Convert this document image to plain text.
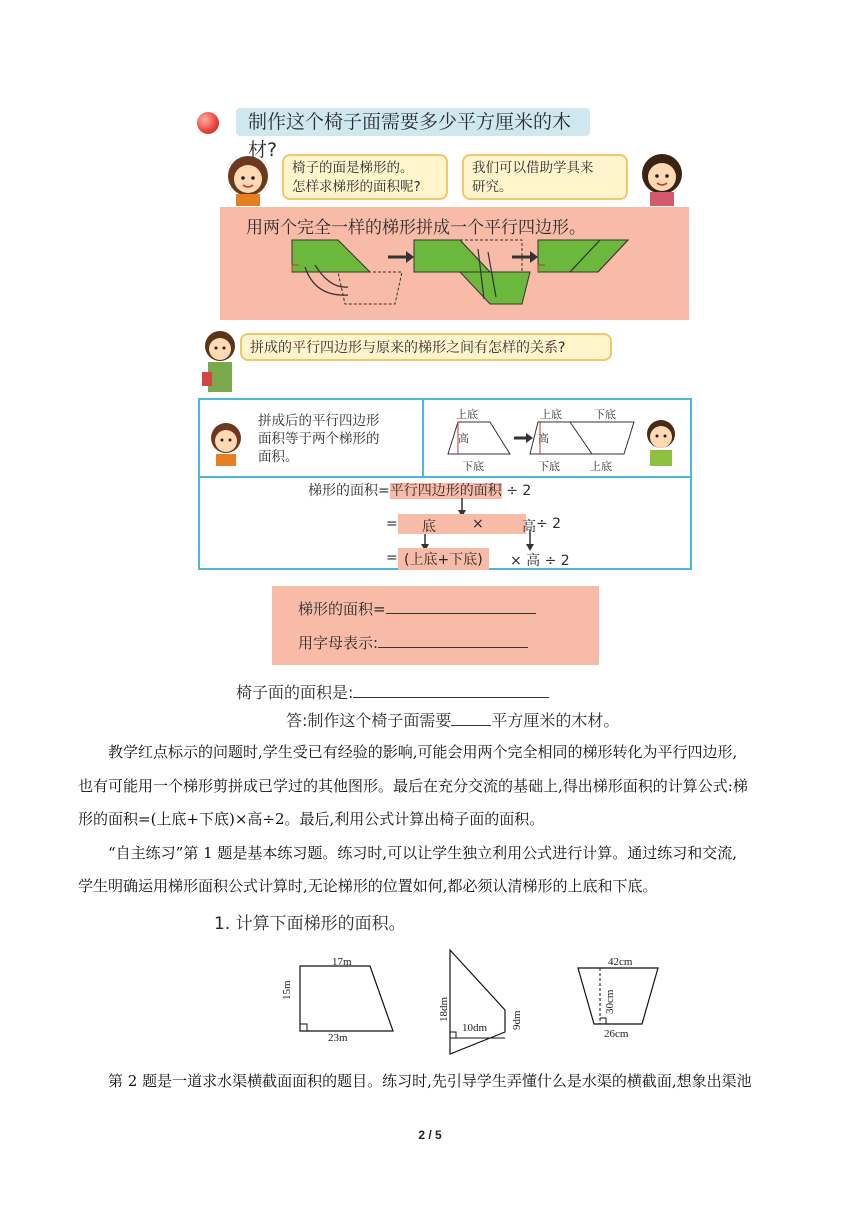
制作这个椅子面需要多少平方厘米的木材?
椅子的面是梯形的。
怎样求梯形的面积呢?
我们可以借助学具来
研究。
用两个完全一样的梯形拼成一个平行四边形。
拼成的平行四边形与原来的梯形之间有怎样的关系?
拼成后的平行四边形
面积等于两个梯形的
面积。
上底
高
下底
上底	下底
高
下底	上底
梯形的面积=平行四边形的面积 ÷ 2
= 底	×	高 ÷ 2
= (上底+下底)	× 高 ÷ 2
梯形的面积=
用字母表示:
椅子面的面积是:
答:制作这个椅子面需要	平方厘米的木材。
教学红点标示的问题时,学生受已有经验的影响,可能会用两个完全相同的梯形转化为平行四边形,
也有可能用一个梯形剪拼成已学过的其他图形。最后在充分交流的基础上,得出梯形面积的计算公式:梯
形的面积=(上底+下底)×高÷2。最后,利用公式计算出椅子面的面积。
“自主练习”第 1 题是基本练习题。练习时,可以让学生独立利用公式进行计算。通过练习和交流,
学生明确运用梯形面积公式计算时,无论梯形的位置如何,都必须认清梯形的上底和下底。
1. 计算下面梯形的面积。
17m
15m
23m
18dm
10dm 9dm
42cm
30cm
26cm
第 2 题是一道求水渠横截面面积的题目。练习时,先引导学生弄懂什么是水渠的横截面,想象出渠池
2 / 5
